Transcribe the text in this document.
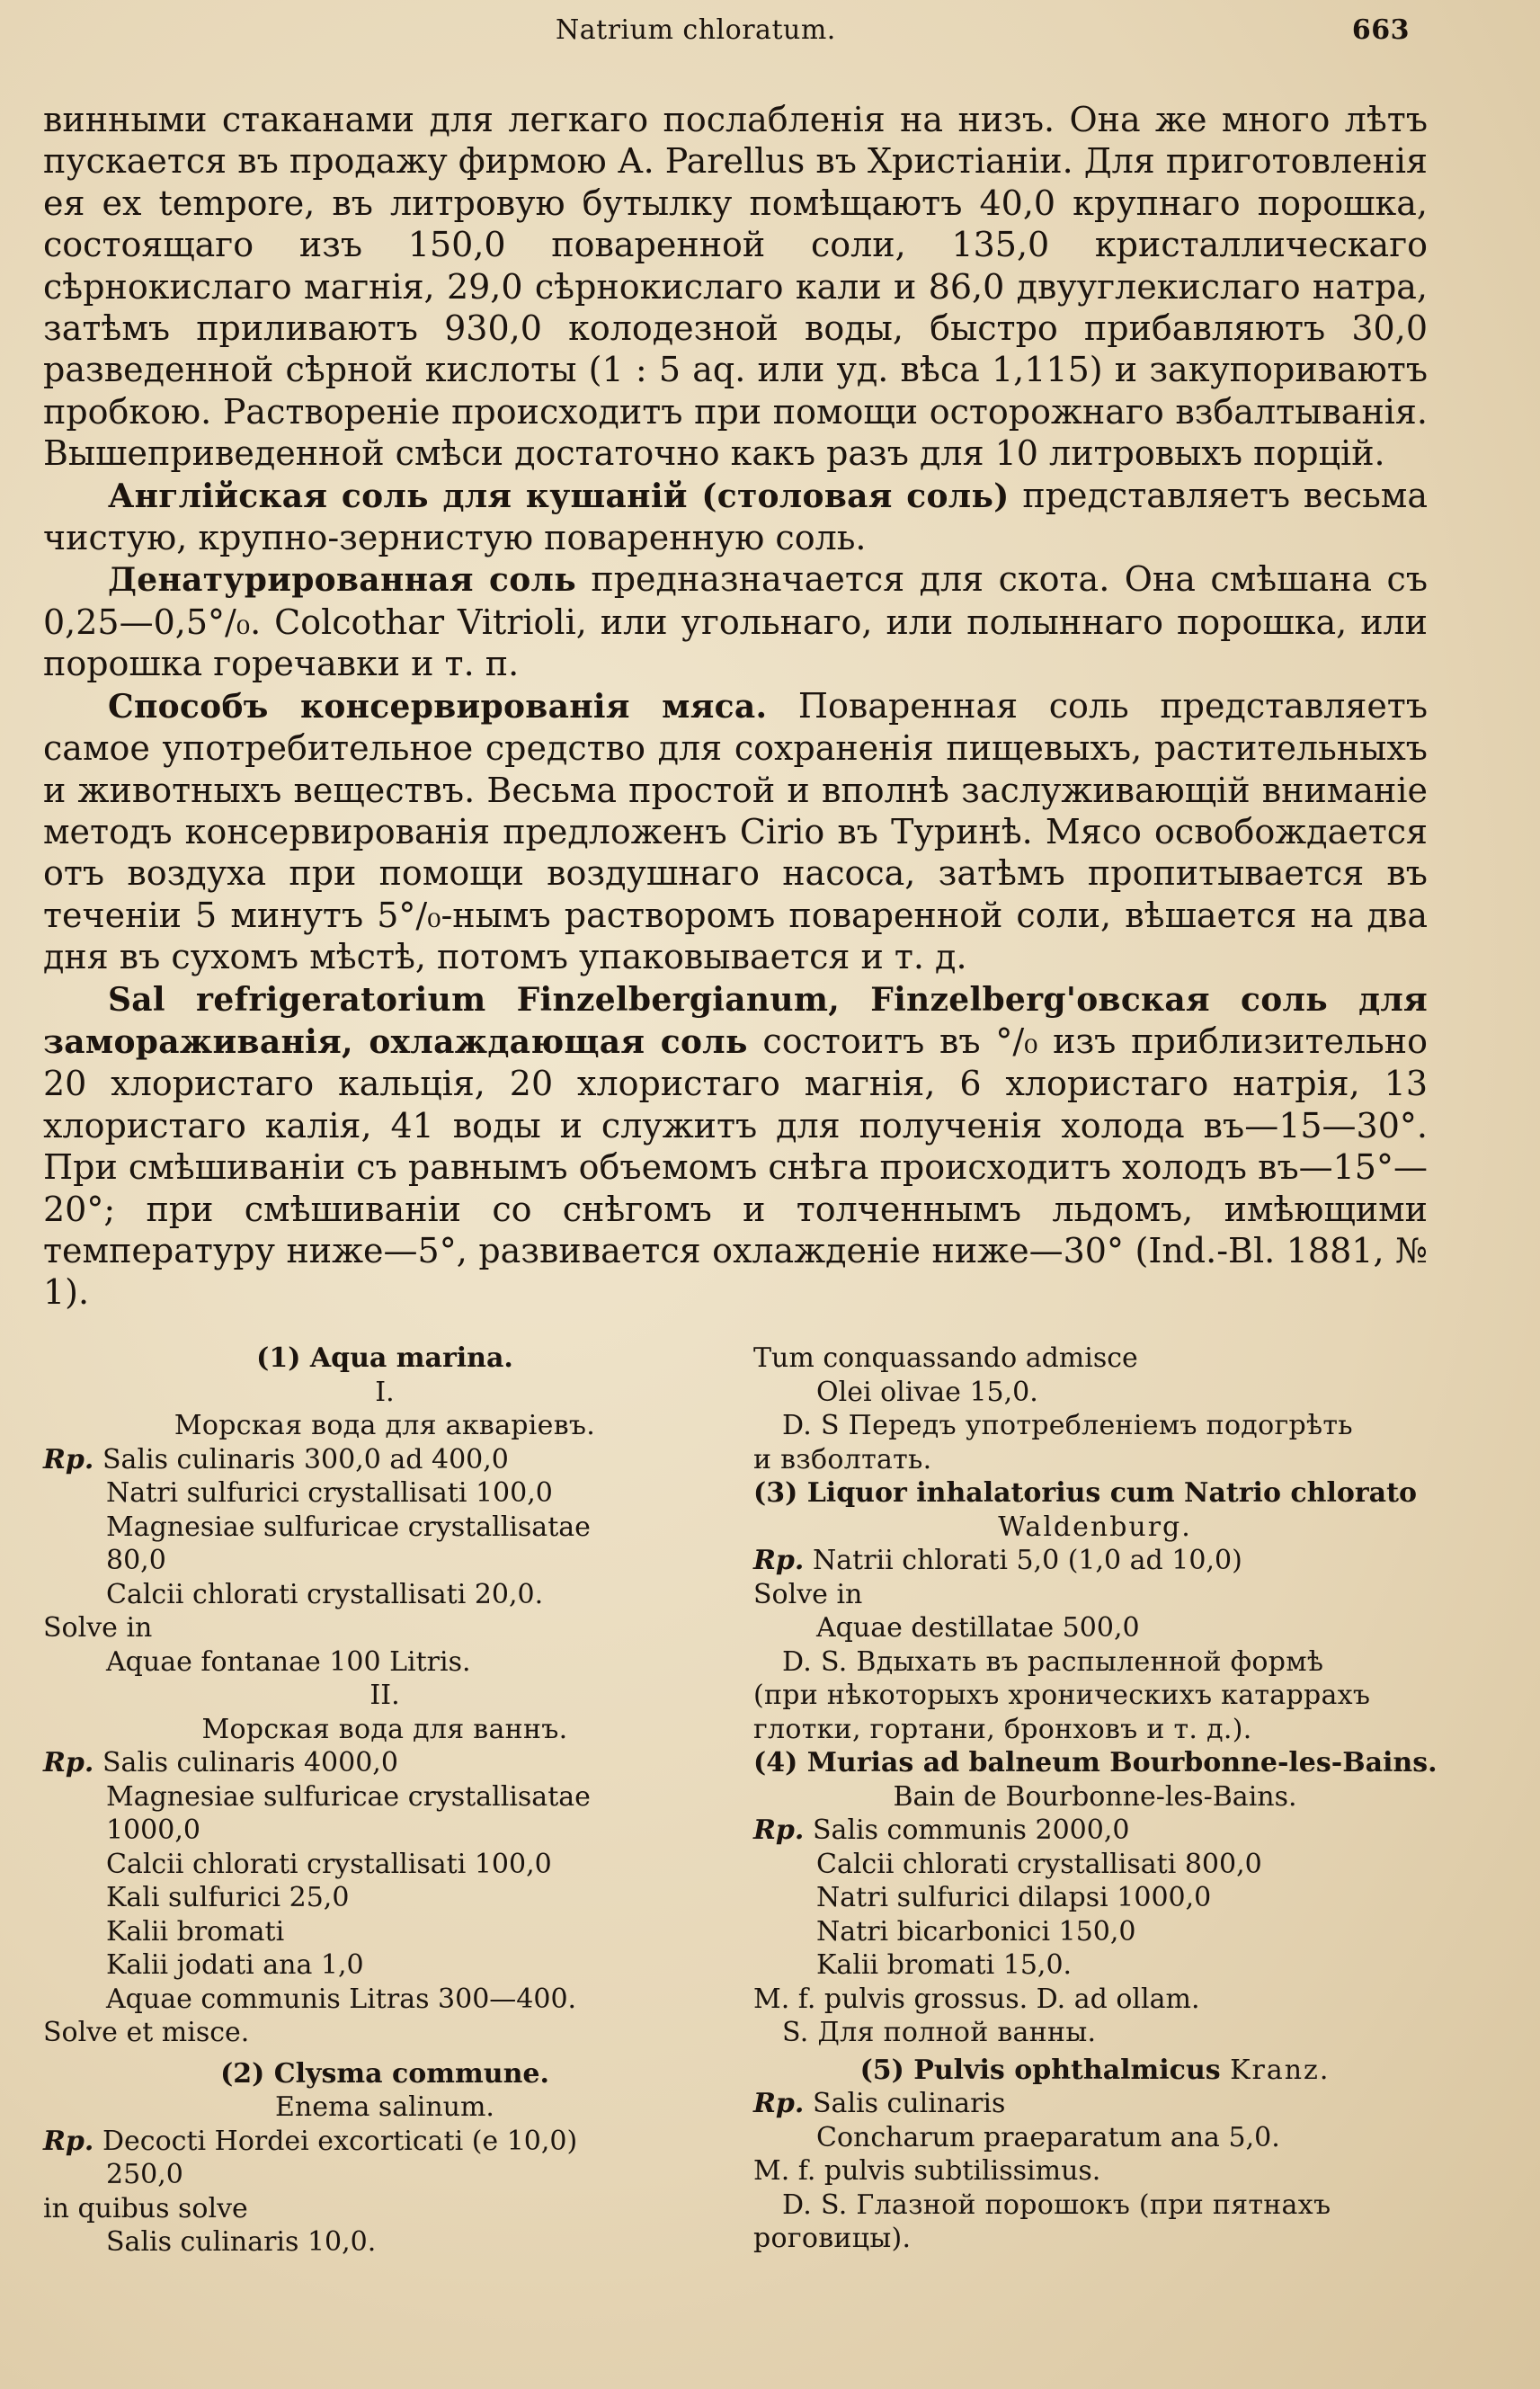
Natrium chloratum.	663

винными стаканами для легкаго послабленія на низъ. Она же много лѣтъ пускается въ продажу фирмою А. Parellus въ Христіаніи. Для приготовленія ея ex tempore, въ литровую бутылку помѣщаютъ 40,0 крупнаго порошка, состоящаго изъ 150,0 поваренной соли, 135,0 кристаллическаго сѣрнокислаго магнія, 29,0 сѣрнокислаго кали и 86,0 двууглекислаго натра, затѣмъ приливаютъ 930,0 колодезной воды, быстро прибавляютъ 30,0 разведенной сѣрной кислоты (1 : 5 aq. или уд. вѣса 1,115) и закупориваютъ пробкою. Раствореніе происходитъ при помощи осторожнаго взбалтыванія. Вышеприведенной смѣси достаточно какъ разъ для 10 литровыхъ порцій.

Англійская соль для кушаній (столовая соль) представляетъ весьма чистую, крупно-зернистую поваренную соль.

Денатурированная соль предназначается для скота. Она смѣшана съ 0,25—0,5°/₀. Colcothar Vitrioli, или угольнаго, или полыннаго порошка, или порошка горечавки и т. п.

Способъ консервированія мяса. Поваренная соль представляетъ самое употребительное средство для сохраненія пищевыхъ, растительныхъ и животныхъ веществъ. Весьма простой и вполнѣ заслуживающій вниманіе методъ консервированія предложенъ Cirio въ Туринѣ. Мясо освобождается отъ воздуха при помощи воздушнаго насоса, затѣмъ пропитывается въ теченіи 5 минутъ 5°/₀-нымъ растворомъ поваренной соли, вѣшается на два дня въ сухомъ мѣстѣ, потомъ упаковывается и т. д.

Sal refrigeratorium Finzelbergianum, Finzelberg'овская соль для замораживанія, охлаждающая соль состоитъ въ °/₀ изъ приблизительно 20 хлористаго кальція, 20 хлористаго магнія, 6 хлористаго натрія, 13 хлористаго калія, 41 воды и служитъ для полученія холода въ—15—30°. При смѣшиваніи съ равнымъ объемомъ снѣга происходитъ холодъ въ—15°—20°; при смѣшиваніи со снѣгомъ и толченнымъ льдомъ, имѣющими температуру ниже—5°, развивается охлажденіе ниже—30° (Ind.-Bl. 1881, № 1).

(1) Aqua marina.
I.
Морская вода для акваріевъ.
Rp. Salis culinaris 300,0 ad 400,0
Natri sulfurici crystallisati 100,0
Magnesiae sulfuricae crystallisatae
80,0
Calcii chlorati crystallisati 20,0.
Solve in
Aquae fontanae 100 Litris.
II.
Морская вода для ваннъ.
Rp. Salis culinaris 4000,0
Magnesiae sulfuricae crystallisatae
1000,0
Calcii chlorati crystallisati 100,0
Kali sulfurici 25,0
Kalii bromati
Kalii jodati ana 1,0
Aquae communis Litras 300—400.
Solve et misce.
(2) Clysma commune.
Enema salinum.
Rp. Decocti Hordei excorticati (e 10,0)
250,0
in quibus solve
Salis culinaris 10,0.
Tum conquassando admisce
Olei olivae 15,0.
D. S Передъ употребленіемъ подогрѣть
и взболтать.
(3) Liquor inhalatorius cum Natrio chlorato
Waldenburg.
Rp. Natrii chlorati 5,0 (1,0 ad 10,0)
Solve in
Aquae destillatae 500,0
D. S. Вдыхать въ распыленной формѣ
(при нѣкоторыхъ хроническихъ катаррахъ
глотки, гортани, бронховъ и т. д.).
(4) Murias ad balneum Bourbonne-les-Bains.
Bain de Bourbonne-les-Bains.
Rp. Salis communis 2000,0
Calcii chlorati crystallisati 800,0
Natri sulfurici dilapsi 1000,0
Natri bicarbonici 150,0
Kalii bromati 15,0.
M. f. pulvis grossus. D. ad ollam.
S. Для полной ванны.
(5) Pulvis ophthalmicus Kranz.
Rp. Salis culinaris
Concharum praeparatum ana 5,0.
M. f. pulvis subtilissimus.
D. S. Глазной порошокъ (при пятнахъ
роговицы).
